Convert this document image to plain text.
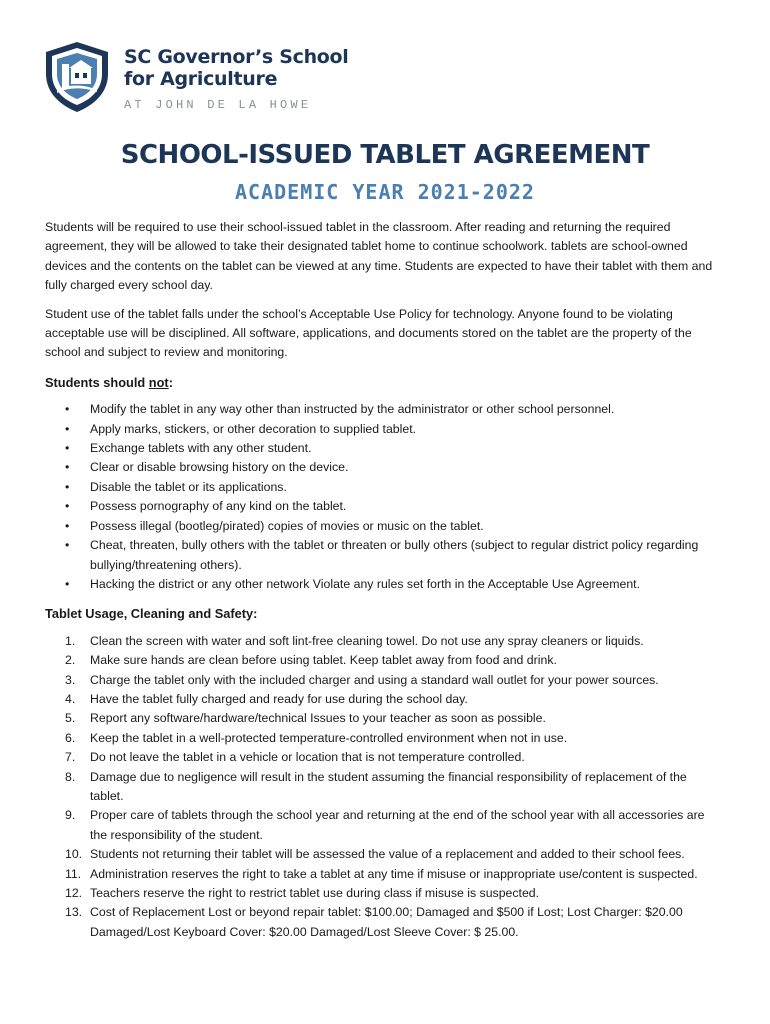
SC Governor’s School
for Agriculture
AT JOHN DE LA HOWE
SCHOOL-ISSUED TABLET AGREEMENT
ACADEMIC YEAR 2021-2022

Students will be required to use their school-issued tablet in the classroom. After reading and returning the required agreement, they will be allowed to take their designated tablet home to continue schoolwork. tablets are school-owned devices and the contents on the tablet can be viewed at any time. Students are expected to have their tablet with them and fully charged every school day.

Student use of the tablet falls under the school’s Acceptable Use Policy for technology. Anyone found to be violating acceptable use will be disciplined. All software, applications, and documents stored on the tablet are the property of the school and subject to review and monitoring.

Students should not:
• Modify the tablet in any way other than instructed by the administrator or other school personnel.
• Apply marks, stickers, or other decoration to supplied tablet.
• Exchange tablets with any other student.
• Clear or disable browsing history on the device.
• Disable the tablet or its applications.
• Possess pornography of any kind on the tablet.
• Possess illegal (bootleg/pirated) copies of movies or music on the tablet.
• Cheat, threaten, bully others with the tablet or threaten or bully others (subject to regular district policy regarding bullying/threatening others).
• Hacking the district or any other network Violate any rules set forth in the Acceptable Use Agreement.
Tablet Usage, Cleaning and Safety:
1. Clean the screen with water and soft lint-free cleaning towel. Do not use any spray cleaners or liquids.
2. Make sure hands are clean before using tablet. Keep tablet away from food and drink.
3. Charge the tablet only with the included charger and using a standard wall outlet for your power sources.
4. Have the tablet fully charged and ready for use during the school day.
5. Report any software/hardware/technical Issues to your teacher as soon as possible.
6. Keep the tablet in a well-protected temperature-controlled environment when not in use.
7. Do not leave the tablet in a vehicle or location that is not temperature controlled.
8. Damage due to negligence will result in the student assuming the financial responsibility of replacement of the tablet.
9. Proper care of tablets through the school year and returning at the end of the school year with all accessories are the responsibility of the student.
10. Students not returning their tablet will be assessed the value of a replacement and added to their school fees.
11. Administration reserves the right to take a tablet at any time if misuse or inappropriate use/content is suspected.
12. Teachers reserve the right to restrict tablet use during class if misuse is suspected.
13. Cost of Replacement Lost or beyond repair tablet: $100.00; Damaged and $500 if Lost; Lost Charger: $20.00 Damaged/Lost Keyboard Cover: $20.00 Damaged/Lost Sleeve Cover: $ 25.00.
